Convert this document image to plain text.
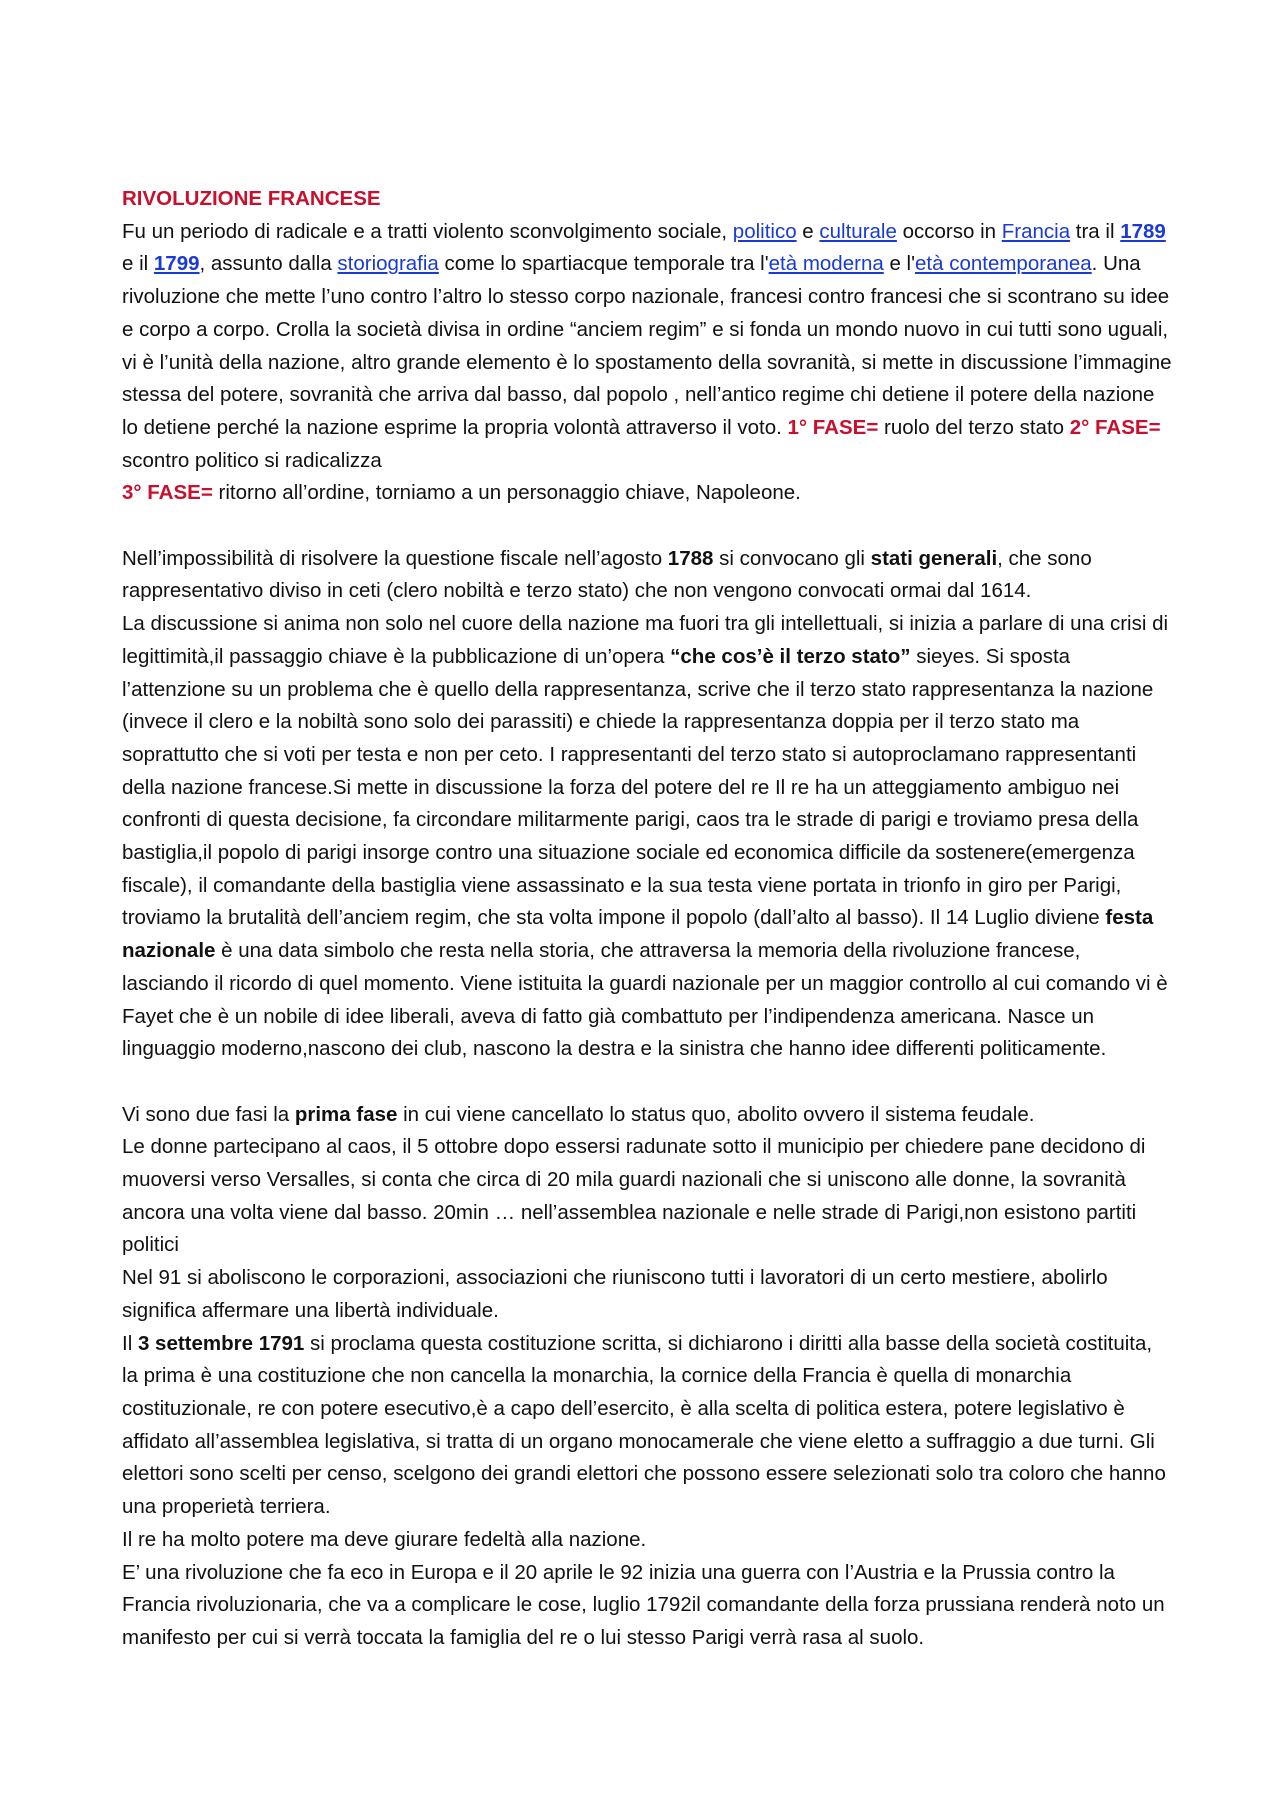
RIVOLUZIONE FRANCESE

Fu un periodo di radicale e a tratti violento sconvolgimento sociale, politico e culturale occorso in Francia tra il 1789 e il 1799, assunto dalla storiografia come lo spartiacque temporale tra l'età moderna e l'età contemporanea. Una rivoluzione che mette l’uno contro l’altro lo stesso corpo nazionale, francesi contro francesi che si scontrano su idee e corpo a corpo. Crolla la società divisa in ordine “anciem regim” e si fonda un mondo nuovo in cui tutti sono uguali, vi è l’unità della nazione, altro grande elemento è lo spostamento della sovranità, si mette in discussione l’immagine stessa del potere, sovranità che arriva dal basso, dal popolo , nell’antico regime chi detiene il potere della nazione lo detiene perché la nazione esprime la propria volontà attraverso il voto. 1° FASE= ruolo del terzo stato 2° FASE= scontro politico si radicalizza
3° FASE= ritorno all’ordine, torniamo a un personaggio chiave, Napoleone.

Nell’impossibilità di risolvere la questione fiscale nell’agosto 1788 si convocano gli stati generali, che sono rappresentativo diviso in ceti (clero nobiltà e terzo stato) che non vengono convocati ormai dal 1614.

La discussione si anima non solo nel cuore della nazione ma fuori tra gli intellettuali, si inizia a parlare di una crisi di legittimità,il passaggio chiave è la pubblicazione di un’opera “che cos’è il terzo stato” sieyes. Si sposta l’attenzione su un problema che è quello della rappresentanza, scrive che il terzo stato rappresentanza la nazione (invece il clero e la nobiltà sono solo dei parassiti) e chiede la rappresentanza doppia per il terzo stato ma soprattutto che si voti per testa e non per ceto. I rappresentanti del terzo stato si autoproclamano rappresentanti della nazione francese.Si mette in discussione la forza del potere del re Il re ha un atteggiamento ambiguo nei confronti di questa decisione, fa circondare militarmente parigi, caos tra le strade di parigi e troviamo presa della bastiglia,il popolo di parigi insorge contro una situazione sociale ed economica difficile da sostenere(emergenza fiscale), il comandante della bastiglia viene assassinato e la sua testa viene portata in trionfo in giro per Parigi, troviamo la brutalità dell’anciem regim, che sta volta impone il popolo (dall’alto al basso). Il 14 Luglio diviene festa nazionale è una data simbolo che resta nella storia, che attraversa la memoria della rivoluzione francese, lasciando il ricordo di quel momento. Viene istituita la guardi nazionale per un maggior controllo al cui comando vi è Fayet che è un nobile di idee liberali, aveva di fatto già combattuto per l’indipendenza americana. Nasce un linguaggio moderno,nascono dei club, nascono la destra e la sinistra che hanno idee differenti politicamente.

Vi sono due fasi la prima fase in cui viene cancellato lo status quo, abolito ovvero il sistema feudale.

Le donne partecipano al caos, il 5 ottobre dopo essersi radunate sotto il municipio per chiedere pane decidono di muoversi verso Versalles, si conta che circa di 20 mila guardi nazionali che si uniscono alle donne, la sovranità ancora una volta viene dal basso. 20min … nell’assemblea nazionale e nelle strade di Parigi,non esistono partiti politici

Nel 91 si aboliscono le corporazioni, associazioni che riuniscono tutti i lavoratori di un certo mestiere, abolirlo significa affermare una libertà individuale.

Il 3 settembre 1791 si proclama questa costituzione scritta, si dichiarono i diritti alla basse della società costituita, la prima è una costituzione che non cancella la monarchia, la cornice della Francia è quella di monarchia costituzionale, re con potere esecutivo,è a capo dell’esercito, è alla scelta di politica estera, potere legislativo è affidato all’assemblea legislativa, si tratta di un organo monocamerale che viene eletto a suffraggio a due turni. Gli elettori sono scelti per censo, scelgono dei grandi elettori che possono essere selezionati solo tra coloro che hanno una properietà terriera.

Il re ha molto potere ma deve giurare fedeltà alla nazione.

E’ una rivoluzione che fa eco in Europa e il 20 aprile le 92 inizia una guerra con l’Austria e la Prussia contro la Francia rivoluzionaria, che va a complicare le cose, luglio 1792il comandante della forza prussiana renderà noto un manifesto per cui si verrà toccata la famiglia del re o lui stesso Parigi verrà rasa al suolo.
